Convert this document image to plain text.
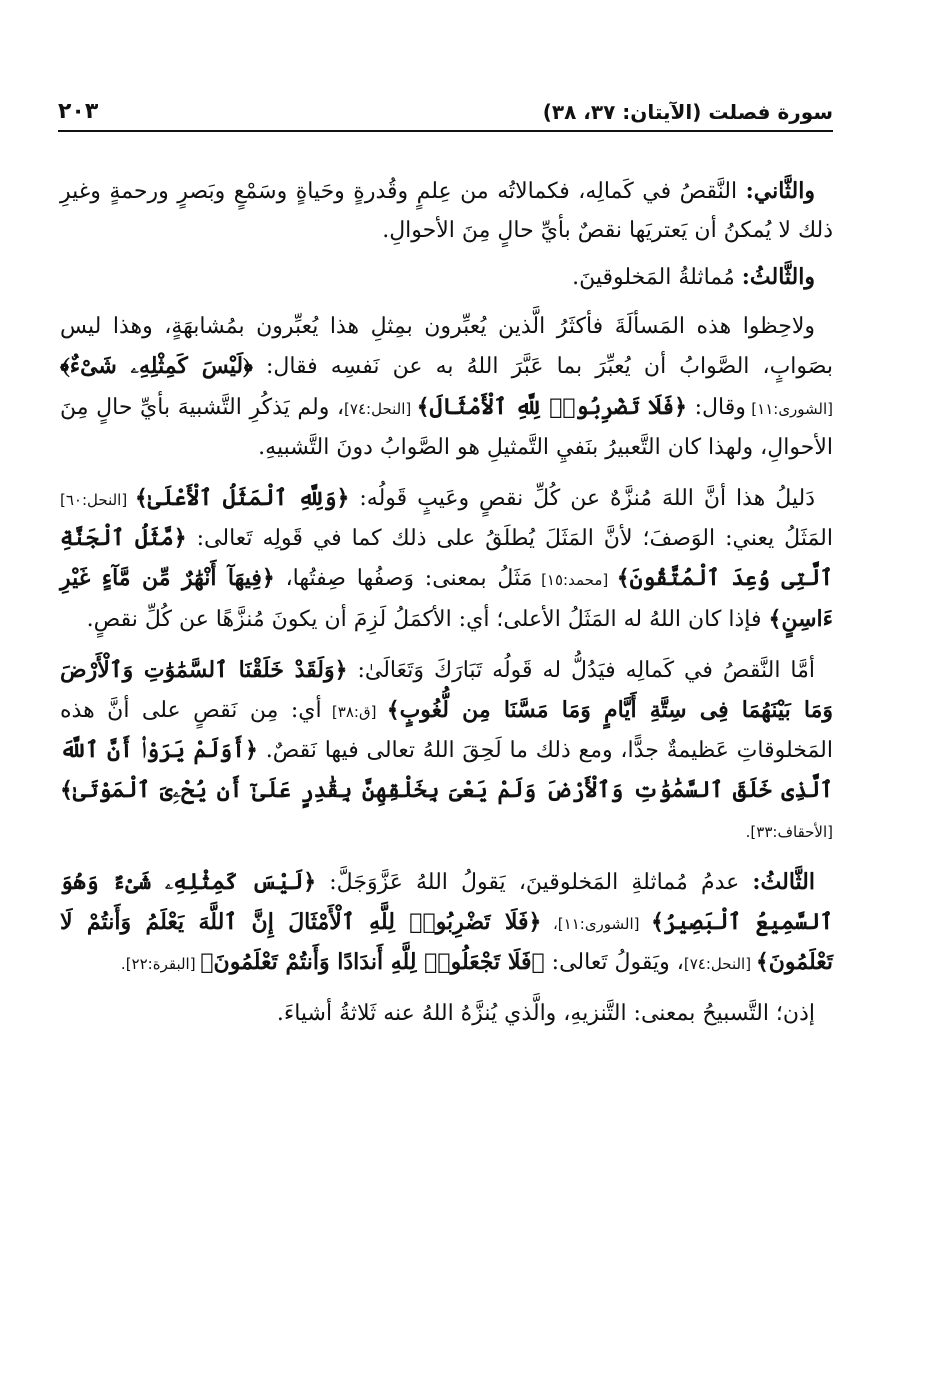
سورة فصلت (الآيتان: ٣٧، ٣٨)
٢٠٣

والثَّاني: النَّقصُ في كَمالِه، فكمالاتُه من عِلمٍ وقُدرةٍ وحَياةٍ وسَمْعٍ وبَصرٍ ورحمةٍ وغيرِ ذلك لا يُمكنُ أن يَعتريَها نقصٌ بأيِّ حالٍ مِنَ الأحوالِ.

والثَّالثُ: مُماثلةُ المَخلوقينَ.

ولاحِظوا هذه المَسألَةَ فأكثَرُ الَّذين يُعبِّرون بمِثلِ هذا يُعبِّرون بمُشابهَةٍ، وهذا ليس بصَوابٍ، الصَّوابُ أن يُعبِّرَ بما عَبَّرَ اللهُ به عن نَفسِه فقال: ﴿لَيْسَ كَمِثْلِهِۦ شَىْءٌ﴾ [الشورى:١١] وقال: ﴿فَلَا تَضْرِبُوا۟ لِلَّهِ ٱلْأَمْثَالَ﴾ [النحل:٧٤]، ولم يَذكُرِ التَّشبيهَ بأيِّ حالٍ مِنَ الأحوالِ، ولهذا كان التَّعبيرُ بنَفيِ التَّمثيلِ هو الصَّوابُ دونَ التَّشبيهِ.

دَليلُ هذا أنَّ اللهَ مُنزَّهٌ عن كُلِّ نقصٍ وعَيبٍ قَولُه: ﴿وَلِلَّهِ ٱلْمَثَلُ ٱلْأَعْلَىٰ﴾ [النحل:٦٠] المَثَلُ يعني: الوَصفَ؛ لأنَّ المَثَلَ يُطلَقُ على ذلك كما في قَولِه تَعالى: ﴿مَّثَلُ ٱلْجَنَّةِ ٱلَّتِى وُعِدَ ٱلْمُتَّقُونَ﴾ [محمد:١٥] مَثَلُ بمعنى: وَصفُها صِفتُها، ﴿فِيهَآ أَنْهَٰرٌ مِّن مَّآءٍ غَيْرِ ءَاسِنٍ﴾ فإذا كان اللهُ له المَثَلُ الأعلى؛ أي: الأكمَلُ لَزِمَ أن يكونَ مُنزَّهًا عن كُلِّ نقصٍ.

أمَّا النَّقصُ في كَمالِه فيَدُلُّ له قَولُه تَبَارَكَ وَتَعَالَىٰ: ﴿وَلَقَدْ خَلَقْنَا ٱلسَّمَٰوَٰتِ وَٱلْأَرْضَ وَمَا بَيْنَهُمَا فِى سِتَّةِ أَيَّامٍ وَمَا مَسَّنَا مِن لُّغُوبٍ﴾ [ق:٣٨] أي: مِن نَقصٍ على أنَّ هذه المَخلوقاتِ عَظيمةٌ جدًّا، ومع ذلك ما لَحِقَ اللهُ تعالى فيها نَقصٌ. ﴿أَوَلَمْ يَرَوْا۟ أَنَّ ٱللَّهَ ٱلَّذِى خَلَقَ ٱلسَّمَٰوَٰتِ وَٱلْأَرْضَ وَلَمْ يَعْىَ بِخَلْقِهِنَّ بِقَٰدِرٍ عَلَىٰٓ أَن يُحْۦِىَ ٱلْمَوْتَىٰ﴾ [الأحقاف:٣٣].

الثَّالثُ: عدمُ مُماثلةِ المَخلوقينَ، يَقولُ اللهُ عَزَّوَجَلَّ: ﴿لَيْسَ كَمِثْلِهِۦ شَىْءٌ وَهُوَ ٱلسَّمِيعُ ٱلْبَصِيرُ﴾ [الشورى:١١]، ﴿فَلَا تَضْرِبُوا۟ لِلَّهِ ٱلْأَمْثَالَ إِنَّ ٱللَّهَ يَعْلَمُ وَأَنتُمْ لَا تَعْلَمُونَ﴾ [النحل:٧٤]، ويَقولُ تَعالى: ﴿فَلَا تَجْعَلُوا۟ لِلَّهِ أَندَادًا وَأَنتُمْ تَعْلَمُونَ﴾ [البقرة:٢٢].

إذن؛ التَّسبيحُ بمعنى: التَّنزيهِ، والَّذي يُنزَّهُ اللهُ عنه ثَلاثةُ أشياءَ.
